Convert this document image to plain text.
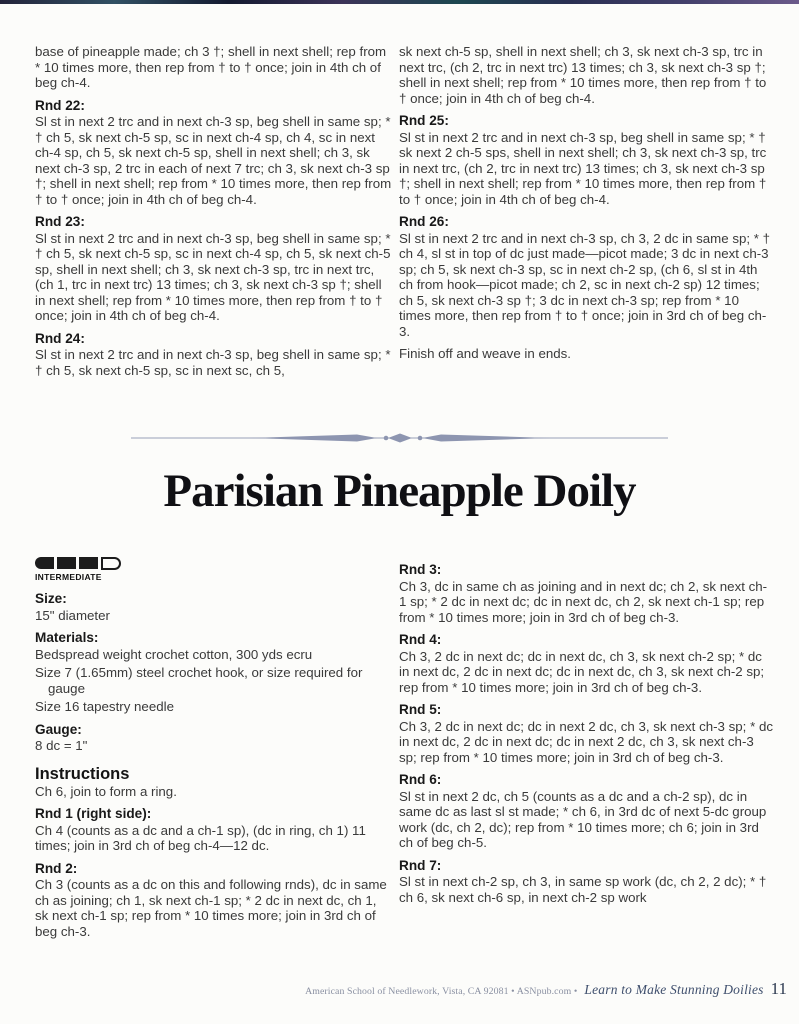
base of pineapple made; ch 3 †; shell in next shell; rep from * 10 times more, then rep from † to † once; join in 4th ch of beg ch-4.

Rnd 22:

Sl st in next 2 trc and in next ch-3 sp, beg shell in same sp; * † ch 5, sk next ch-5 sp, sc in next ch-4 sp, ch 4, sc in next ch-4 sp, ch 5, sk next ch-5 sp, shell in next shell; ch 3, sk next ch-3 sp, 2 trc in each of next 7 trc; ch 3, sk next ch-3 sp †; shell in next shell; rep from * 10 times more, then rep from † to † once; join in 4th ch of beg ch-4.

Rnd 23:

Sl st in next 2 trc and in next ch-3 sp, beg shell in same sp; * † ch 5, sk next ch-5 sp, sc in next ch-4 sp, ch 5, sk next ch-5 sp, shell in next shell; ch 3, sk next ch-3 sp, trc in next trc, (ch 1, trc in next trc) 13 times; ch 3, sk next ch-3 sp †; shell in next shell; rep from * 10 times more, then rep from † to † once; join in 4th ch of beg ch-4.

Rnd 24:

Sl st in next 2 trc and in next ch-3 sp, beg shell in same sp; * † ch 5, sk next ch-5 sp, sc in next sc, ch 5,

sk next ch-5 sp, shell in next shell; ch 3, sk next ch-3 sp, trc in next trc, (ch 2, trc in next trc) 13 times; ch 3, sk next ch-3 sp †; shell in next shell; rep from * 10 times more, then rep from † to † once; join in 4th ch of beg ch-4.

Rnd 25:

Sl st in next 2 trc and in next ch-3 sp, beg shell in same sp; * † sk next 2 ch-5 sps, shell in next shell; ch 3, sk next ch-3 sp, trc in next trc, (ch 2, trc in next trc) 13 times; ch 3, sk next ch-3 sp †; shell in next shell; rep from * 10 times more, then rep from † to † once; join in 4th ch of beg ch-4.

Rnd 26:

Sl st in next 2 trc and in next ch-3 sp, ch 3, 2 dc in same sp; * † ch 4, sl st in top of dc just made—picot made; 3 dc in next ch-3 sp; ch 5, sk next ch-3 sp, sc in next ch-2 sp, (ch 6, sl st in 4th ch from hook—picot made; ch 2, sc in next ch-2 sp) 12 times; ch 5, sk next ch-3 sp †; 3 dc in next ch-3 sp; rep from * 10 times more, then rep from † to † once; join in 3rd ch of beg ch-3.

Finish off and weave in ends.

Parisian Pineapple Doily
INTERMEDIATE
Size:

15" diameter

Materials:

Bedspread weight crochet cotton, 300 yds ecru

Size 7 (1.65mm) steel crochet hook, or size required for gauge

Size 16 tapestry needle

Gauge:

8 dc = 1"

Instructions

Ch 6, join to form a ring.

Rnd 1 (right side):

Ch 4 (counts as a dc and a ch-1 sp), (dc in ring, ch 1) 11 times; join in 3rd ch of beg ch-4—12 dc.

Rnd 2:

Ch 3 (counts as a dc on this and following rnds), dc in same ch as joining; ch 1, sk next ch-1 sp; * 2 dc in next dc, ch 1, sk next ch-1 sp; rep from * 10 times more; join in 3rd ch of beg ch-3.

Rnd 3:

Ch 3, dc in same ch as joining and in next dc; ch 2, sk next ch-1 sp; * 2 dc in next dc; dc in next dc, ch 2, sk next ch-1 sp; rep from * 10 times more; join in 3rd ch of beg ch-3.

Rnd 4:

Ch 3, 2 dc in next dc; dc in next dc, ch 3, sk next ch-2 sp; * dc in next dc, 2 dc in next dc; dc in next dc, ch 3, sk next ch-2 sp; rep from * 10 times more; join in 3rd ch of beg ch-3.

Rnd 5:

Ch 3, 2 dc in next dc; dc in next 2 dc, ch 3, sk next ch-3 sp; * dc in next dc, 2 dc in next dc; dc in next 2 dc, ch 3, sk next ch-3 sp; rep from * 10 times more; join in 3rd ch of beg ch-3.

Rnd 6:

Sl st in next 2 dc, ch 5 (counts as a dc and a ch-2 sp), dc in same dc as last sl st made; * ch 6, in 3rd dc of next 5-dc group work (dc, ch 2, dc); rep from * 10 times more; ch 6; join in 3rd ch of beg ch-5.

Rnd 7:

Sl st in next ch-2 sp, ch 3, in same sp work (dc, ch 2, 2 dc); * † ch 6, sk next ch-6 sp, in next ch-2 sp work

American School of Needlework, Vista, CA 92081 • ASNpub.com • Learn to Make Stunning Doilies 11
